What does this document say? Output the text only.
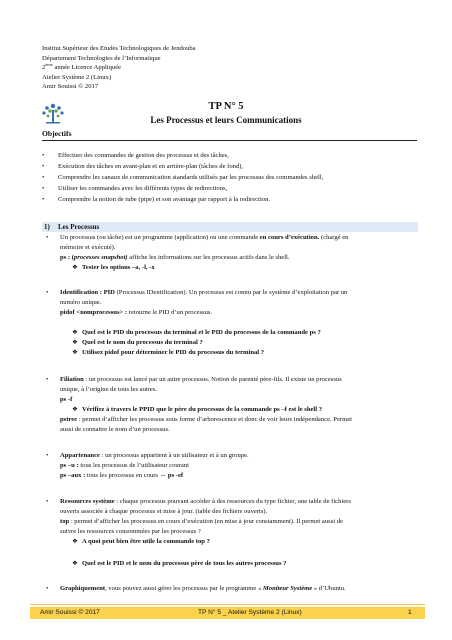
Institut Supérieur des Etudes Technologiques de Jendouba
Département Technologies de l’Informatique
2ème année Licence Appliquée
Atelier Système 2 (Linux)
Amir Souissi © 2017
TP N° 5
Les Processus et leurs Communications
Objectifs
• Effectuer des commandes de gestion des processus et des tâches,
• Exécution des tâches en avant-plan et en arrière-plan (tâches de fond),
• Comprendre les canaux de communication standards utilisés par les processus des commandes shell,
• Utiliser les commandes avec les différents types de redirections,
• Comprendre la notion de tube (pipe) et son avantage par rapport à la redirection.
1) Les Processus
• Un processus (ou tâche) est un programme (application) ou une commande en cours d’exécution. (chargé en
mémoire et exécuté).
ps : (processes snapshot) affiche les informations sur les processus actifs dans le shell.
❖ Tester les options –a, -l, -x
• Identification : PID (Processus IDentification). Un processus est connu par le système d’exploitation par un
numéro unique.
pidof <nomprocessus> : retourne le PID d’un processus.
❖ Quel est le PID du processus du terminal et le PID du processus de la commande ps ?
❖ Quel est le nom du processus du terminal ?
❖ Utilisez pidof pour déterminer le PID du processus du terminal ?
• Filiation : un processus est lancé par un autre processus. Notion de parenté père-fils. Il existe un processus
unique, à l’origine de tous les autres.
ps -f
❖ Vérifiez à travers le PPID que le père du processus de la commande ps –f est le shell ?
pstree : permet d’afficher les processus sous forme d’arborescence et donc de voir leurs indépendance. Permet
aussi de connaitre le nom d’un processus.
• Appartenance : un processus appartient à un utilisateur et à un groupe.
ps –u : tous les processus de l’utilisateur courant
ps –aux : tous les processus en cours ⇔ ps -ef
• Ressources système : chaque processus pouvant accéder à des ressources du type fichier, une table de fichiers
ouverts associée à chaque processus et mise à jour. (table des fichiers ouverts).
top : permet d’afficher les processus en cours d’exécution (en mise à jour constamment). Il permet aussi de
suivre les ressources consommées par les processus ?
❖ A quoi peut bien être utile la commande top ?
❖ Quel est le PID et le nom du processus père de tous les autres processus ?
• Graphiquement, vous pouvez aussi gérer les processus par le programme « Moniteur Système » d’Ubuntu.
Amir Souissi © 2017	TP N° 5 _ Atelier Système 2 (Linux)	1
